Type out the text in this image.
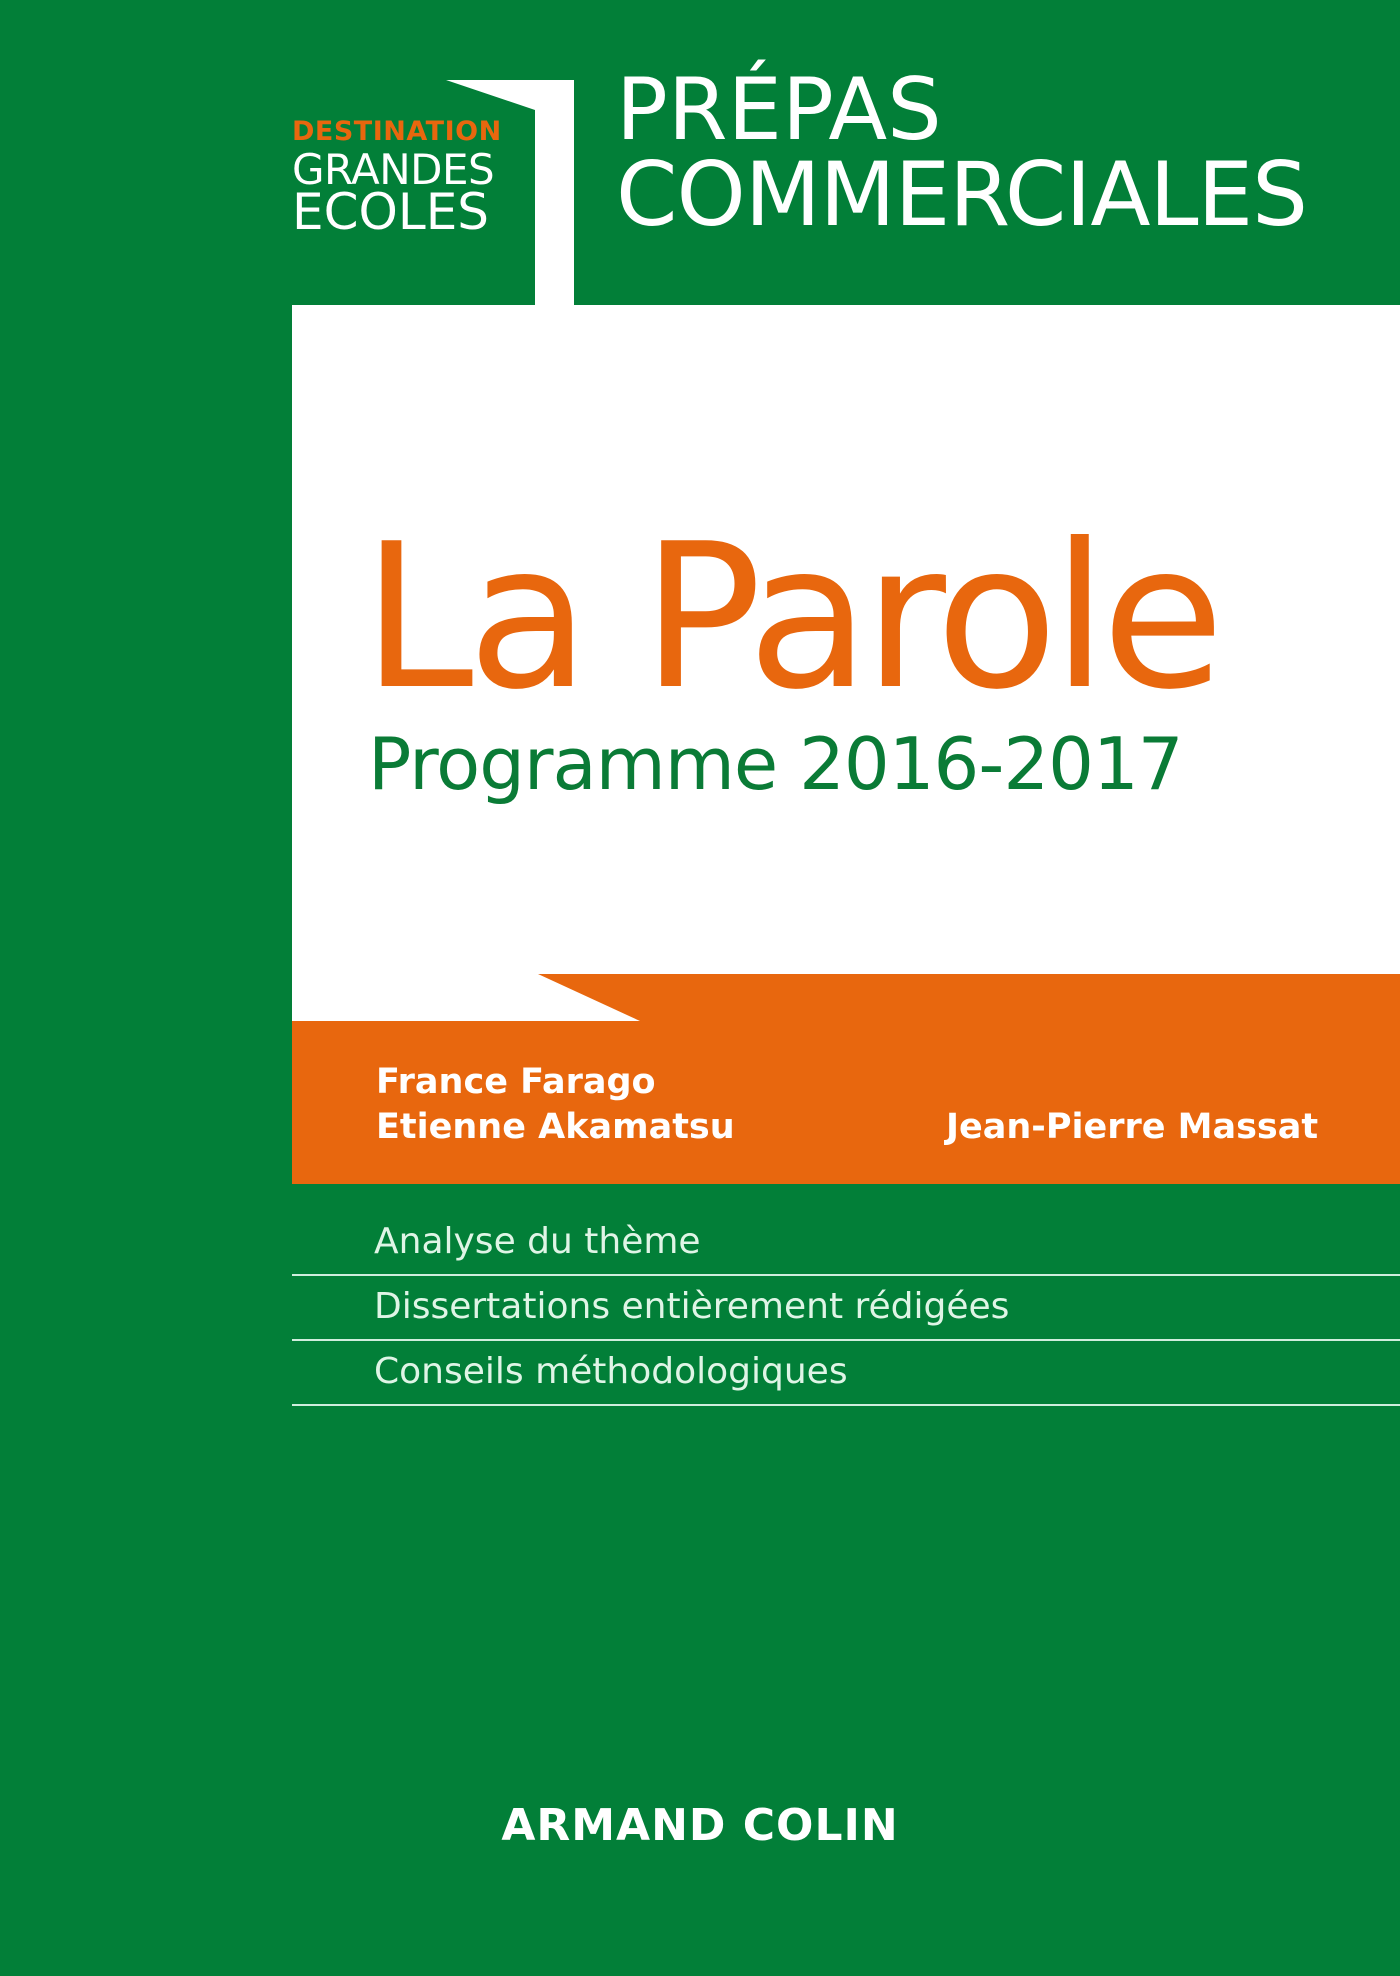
DESTINATION
GRANDES
ECOLES
PRÉPAS
COMMERCIALES
La Parole
Programme 2016-2017
France Farago
Etienne Akamatsu	Jean-Pierre Massat
Analyse du thème
Dissertations entièrement rédigées
Conseils méthodologiques
ARMAND COLIN
